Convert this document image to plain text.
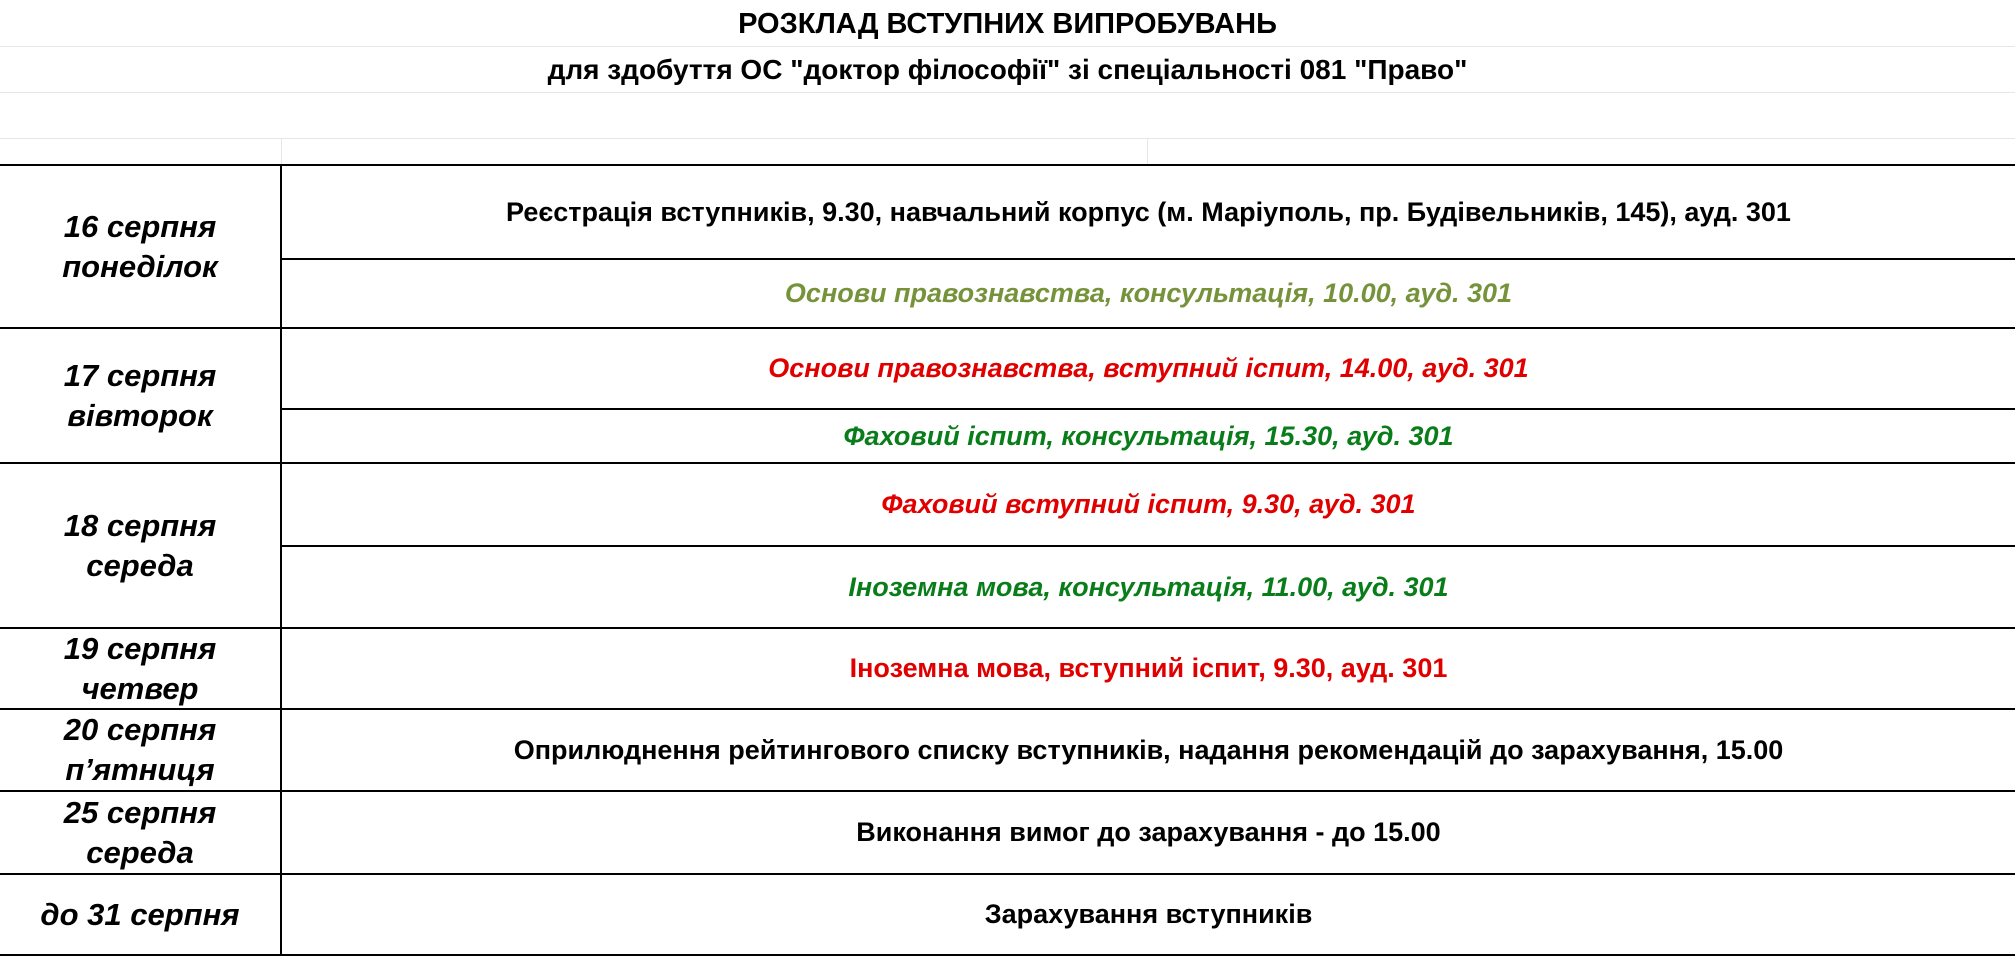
РОЗКЛАД ВСТУПНИХ ВИПРОБУВАНЬ
для здобуття ОС "доктор філософії" зі спеціальності 081 "Право"
16 серпня
понеділок
Реєстрація вступників, 9.30, навчальний корпус (м. Маріуполь, пр. Будівельників, 145), ауд. 301
Основи правознавства, консультація, 10.00, ауд. 301
17 серпня
вівторок
Основи правознавства, вступний іспит, 14.00, ауд. 301
Фаховий іспит, консультація, 15.30, ауд. 301
18 серпня
середа
Фаховий вступний іспит, 9.30, ауд. 301
Іноземна мова, консультація, 11.00, ауд. 301
19 серпня
четвер
Іноземна мова, вступний іспит, 9.30, ауд. 301
20 серпня
п’ятниця
Оприлюднення рейтингового списку вступників, надання рекомендацій до зарахування, 15.00
25 серпня
середа
Виконання вимог до зарахування - до 15.00
до 31 серпня	Зарахування вступників
